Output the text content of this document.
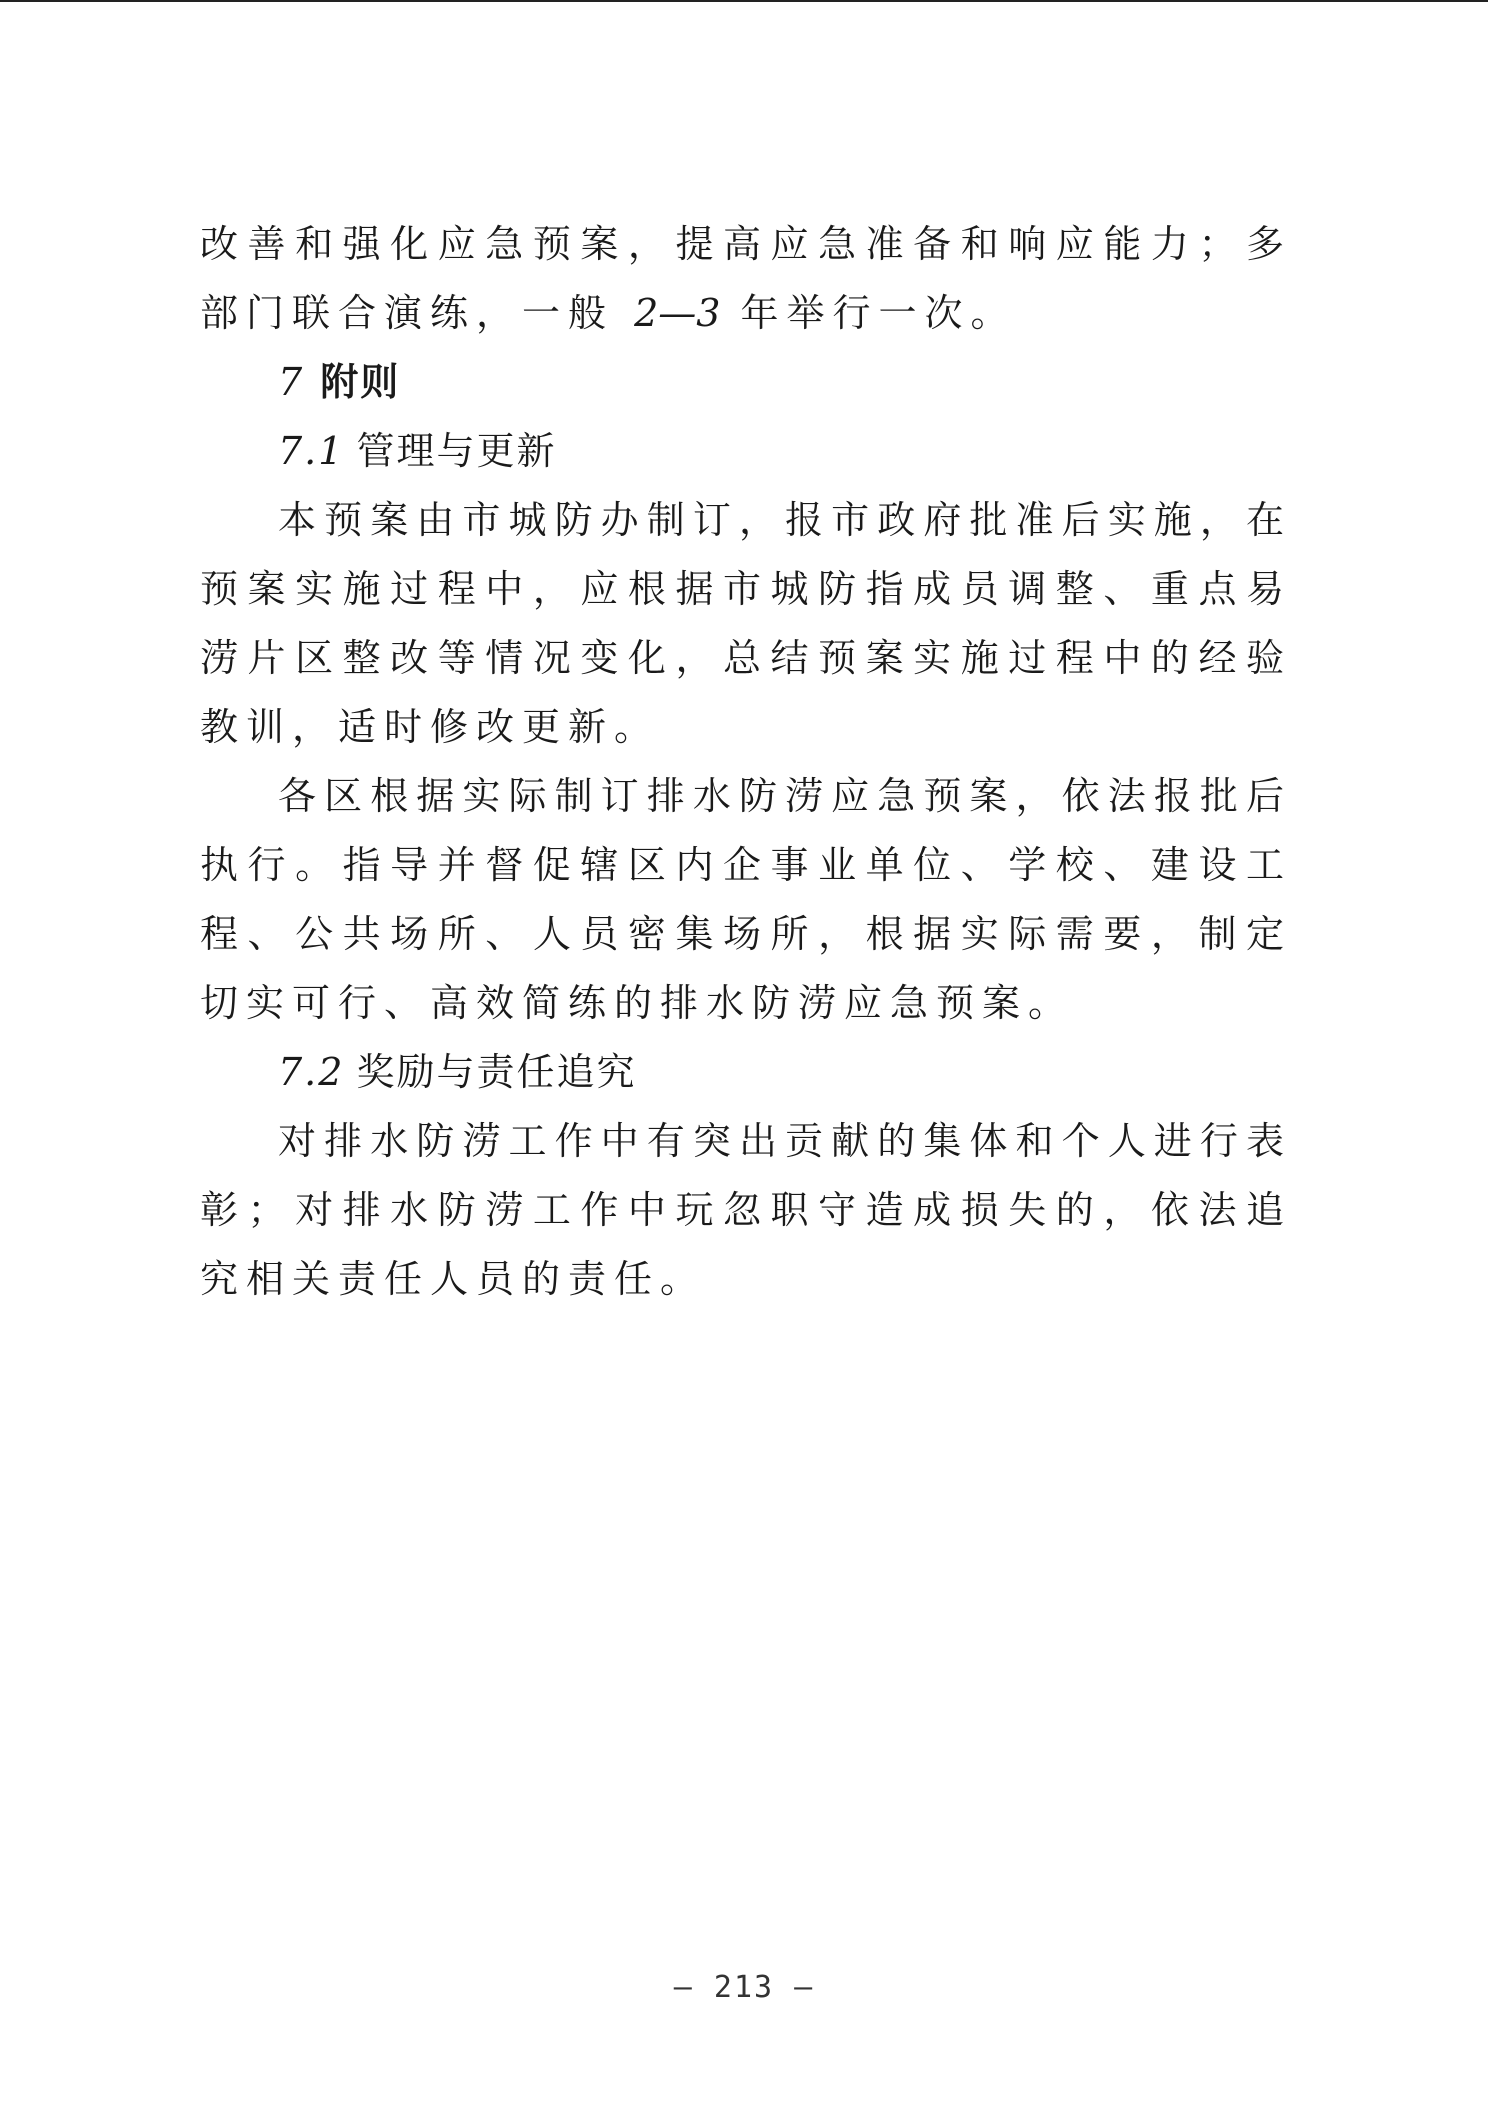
改善和强化应急预案，提高应急准备和响应能力；多部门联合演练，一般 2—3 年举行一次。

7 附则

7.1 管理与更新

本预案由市城防办制订，报市政府批准后实施，在预案实施过程中，应根据市城防指成员调整、重点易涝片区整改等情况变化，总结预案实施过程中的经验教训，适时修改更新。

各区根据实际制订排水防涝应急预案，依法报批后执行。指导并督促辖区内企事业单位、学校、建设工程、公共场所、人员密集场所，根据实际需要，制定切实可行、高效简练的排水防涝应急预案。

7.2 奖励与责任追究

对排水防涝工作中有突出贡献的集体和个人进行表彰；对排水防涝工作中玩忽职守造成损失的，依法追究相关责任人员的责任。

– 213 –
